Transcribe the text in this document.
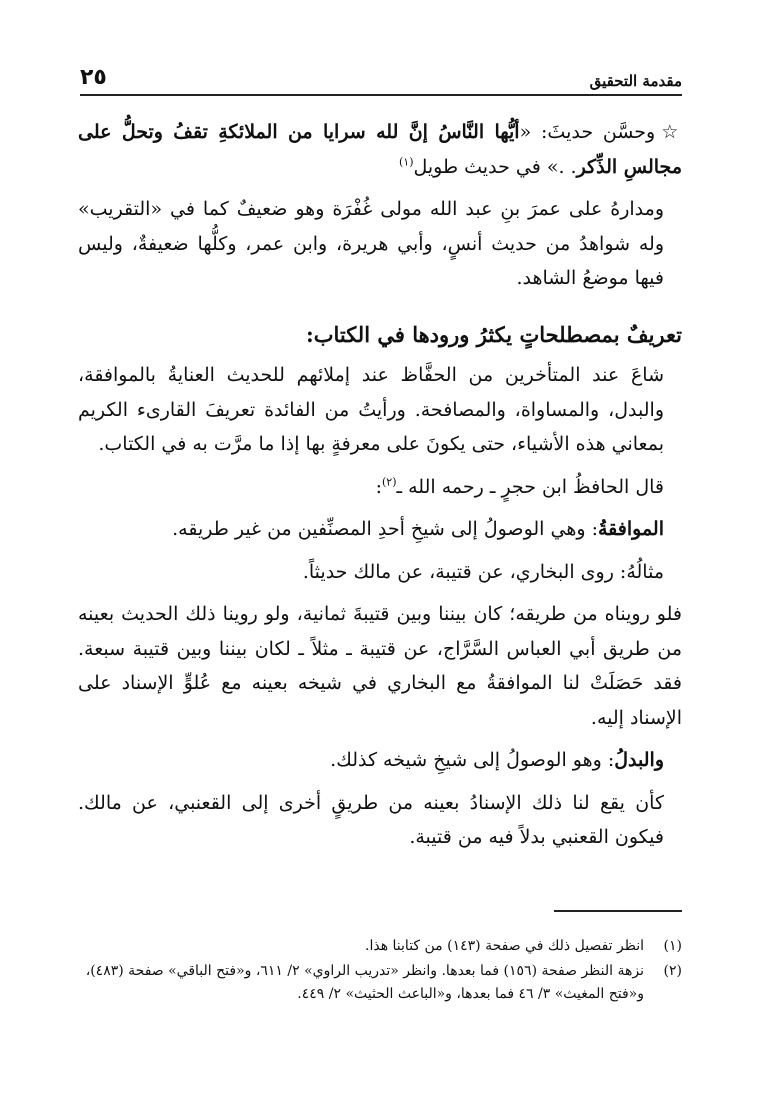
مقدمة التحقيق
٢٥

☆وحسَّن حديثَ: «أيُّها النَّاسُ إنَّ لله سرايا من الملائكةِ تقفُ وتحلُّ على مجالسِ الذِّكر. .» في حديث طويل$^{(١)}$

ومدارهُ على عمرَ بنِ عبد الله مولى غُفْرَة وهو ضعيفٌ كما في «التقريب» وله شواهدُ من حديث أنسٍ، وأبي هريرة، وابن عمر، وكلُّها ضعيفةٌ، وليس فيها موضعُ الشاهد.

تعريفٌ بمصطلحاتٍ يكثرُ ورودها في الكتاب:

شاعَ عند المتأخرين من الحفَّاظ عند إملائهم للحديث العنايةُ بالموافقة، والبدل، والمساواة، والمصافحة. ورأيتُ من الفائدة تعريفَ القارىء الكريم بمعاني هذه الأشياء، حتى يكونَ على معرفةٍ بها إذا ما مرَّت به في الكتاب.

قال الحافظُ ابن حجرٍ ـ رحمه الله ـ$^{(٢)}$:

الموافقةُ: وهي الوصولُ إلى شيخِ أحدِ المصنِّفين من غير طريقه.

مثالُهُ: روى البخاري، عن قتيبة، عن مالك حديثاً.

فلو رويناه من طريقه؛ كان بيننا وبين قتيبةَ ثمانية، ولو روينا ذلك الحديث بعينه من طريق أبي العباس السَّرَّاج، عن قتيبة ـ مثلاً ـ لكان بيننا وبين قتيبة سبعة. فقد حَصَلَتْ لنا الموافقةُ مع البخاري في شيخه بعينه مع عُلوٍّ الإسناد على الإسناد إليه.

والبدلُ: وهو الوصولُ إلى شيخِ شيخه كذلك.

كأن يقع لنا ذلك الإسنادُ بعينه من طريقٍ أخرى إلى القعنبي، عن مالك. فيكون القعنبي بدلاً فيه من قتيبة.

(١)
انظر تفصيل ذلك في صفحة (١٤٣) من كتابنا هذا.
(٢)
نزهة النظر صفحة (١٥٦) فما بعدها. وانظر «تدريب الراوي» ٢/ ٦١١، و«فتح الباقي» صفحة (٤٨٣)، و«فتح المغيث» ٣/ ٤٦ فما بعدها، و«الباعث الحثيث» ٢/ ٤٤٩.
